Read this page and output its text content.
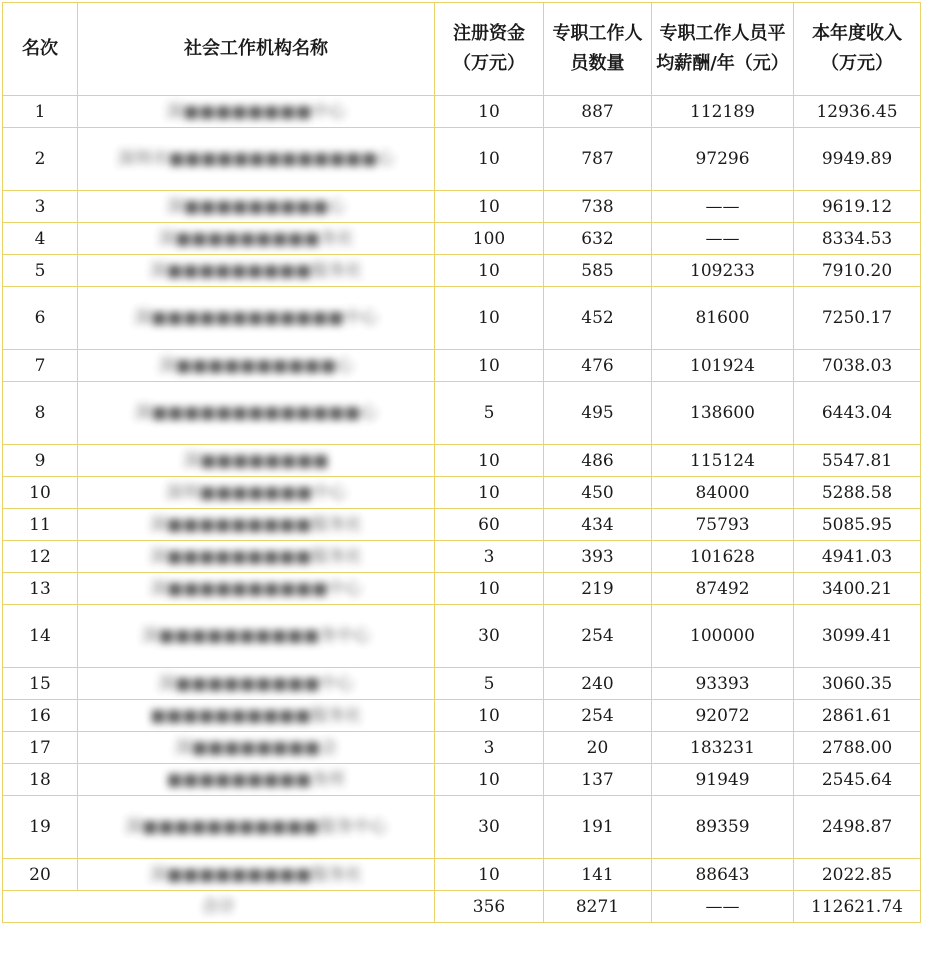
名次	社会工作机构名称	注册资金（万元）	专职工作人员数量	专职工作人员平均薪酬/年（元）	本年度收入（万元）
1	深■■■■■■■■中心	10	887	112189	12936.45
2	深圳市■■■■■■■■■■■■■心	10	787	97296	9949.89
3	深■■■■■■■■■心	10	738	——	9619.12
4	深■■■■■■■■■务社	100	632	——	8334.53
5	深■■■■■■■■■服务社	10	585	109233	7910.20
6	深■■■■■■■■■■■■中心	10	452	81600	7250.17
7	深■■■■■■■■■■心	10	476	101924	7038.03
8	深■■■■■■■■■■■■■心	5	495	138600	6443.04
9	深■■■■■■■■	10	486	115124	5547.81
10	深圳■■■■■■■中心	10	450	84000	5288.58
11	深■■■■■■■■■服务社	60	434	75793	5085.95
12	深■■■■■■■■■服务社	3	393	101628	4941.03
13	深■■■■■■■■■■中心	10	219	87492	3400.21
14	深■■■■■■■■■■务中心	30	254	100000	3099.41
15	深■■■■■■■■■中心	5	240	93393	3060.35
16	■■■■■■■■■■服务社	10	254	92072	2861.61
17	深■■■■■■■■会	3	20	183231	2788.00
18	■■■■■■■■■务所	10	137	91949	2545.64
19	深■■■■■■■■■■■服务中心	30	191	89359	2498.87
20	深■■■■■■■■■服务社	10	141	88643	2022.85
合计		356	8271	——	112621.74
